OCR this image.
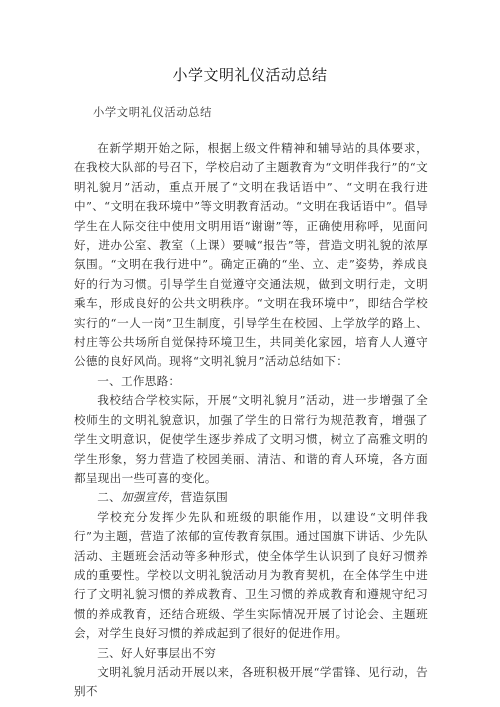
小学文明礼仪活动总结
小学文明礼仪活动总结

在新学期开始之际，根据上级文件精神和辅导站的具体要求，在我校大队部的号召下，学校启动了主题教育为“文明伴我行”的“文明礼貌月”活动，重点开展了“文明在我话语中”、“文明在我行进中”、“文明在我环境中”等文明教育活动。“文明在我话语中”。倡导学生在人际交往中使用文明用语“谢谢”等，正确使用称呼，见面问好，进办公室、教室（上课）要喊“报告”等，营造文明礼貌的浓厚氛围。“文明在我行进中”。确定正确的“坐、立、走”姿势，养成良好的行为习惯。引导学生自觉遵守交通法规，做到文明行走，文明乘车，形成良好的公共文明秩序。“文明在我环境中”，即结合学校实行的“一人一岗”卫生制度，引导学生在校园、上学放学的路上、村庄等公共场所自觉保持环境卫生，共同美化家园，培育人人遵守公德的良好风尚。现将“文明礼貌月”活动总结如下：

一、工作思路：

我校结合学校实际，开展“文明礼貌月”活动，进一步增强了全校师生的文明礼貌意识，加强了学生的日常行为规范教育，增强了学生文明意识，促使学生逐步养成了文明习惯，树立了高雅文明的学生形象，努力营造了校园美丽、清洁、和谐的育人环境，各方面都呈现出一些可喜的变化。

二、加强宣传，营造氛围

学校充分发挥少先队和班级的职能作用，以建设“文明伴我行”为主题，营造了浓郁的宣传教育氛围。通过国旗下讲话、少先队活动、主题班会活动等多种形式，使全体学生认识到了良好习惯养成的重要性。学校以文明礼貌活动月为教育契机，在全体学生中进行了文明礼貌习惯的养成教育、卫生习惯的养成教育和遵规守纪习惯的养成教育，还结合班级、学生实际情况开展了讨论会、主题班会，对学生良好习惯的养成起到了很好的促进作用。

三、好人好事层出不穷

文明礼貌月活动开展以来，各班积极开展“学雷锋、见行动，告别不
